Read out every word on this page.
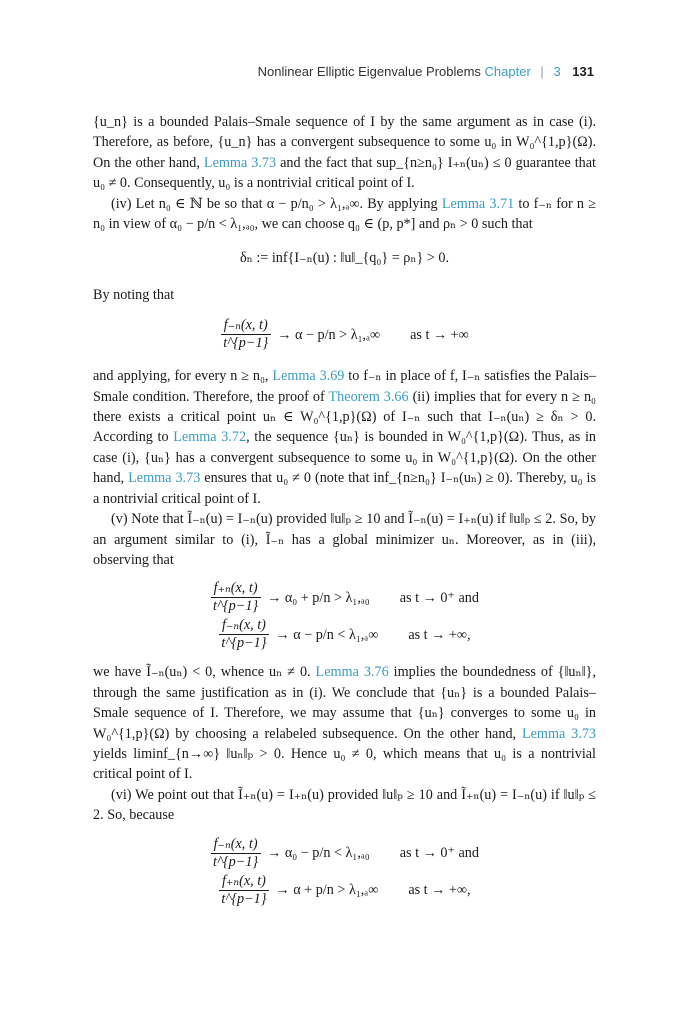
Nonlinear Elliptic Eigenvalue Problems Chapter | 3 131

{u_n} is a bounded Palais–Smale sequence of I by the same argument as in case (i). Therefore, as before, {u_n} has a convergent subsequence to some u₀ in W₀^{1,p}(Ω). On the other hand, Lemma 3.73 and the fact that sup_{n≥n₀} I₊ₙ(uₙ) ≤ 0 guarantee that u₀ ≠ 0. Consequently, u₀ is a nontrivial critical point of I.

(iv) Let n₀ ∈ ℕ be so that α − p/n₀ > λ₁,ₐ∞. By applying Lemma 3.71 to f₋ₙ for n ≥ n₀ in view of α₀ − p/n < λ₁,ₐ₀, we can choose q₀ ∈ (p, p*] and ρₙ > 0 such that

δₙ := inf{I₋ₙ(u) : ‖u‖_{q₀} = ρₙ} > 0.

By noting that

$\frac{\text{f₋ₙ(x, t)}}{t\^{}\{p-1\}} \to \alpha - p/n > \lambda_1,_a\infty$ as t → +∞

and applying, for every n ≥ n₀, Lemma 3.69 to f₋ₙ in place of f, I₋ₙ satisfies the Palais–Smale condition. Therefore, the proof of Theorem 3.66 (ii) implies that for every n ≥ n₀ there exists a critical point uₙ ∈ W₀^{1,p}(Ω) of I₋ₙ such that I₋ₙ(uₙ) ≥ δₙ > 0. According to Lemma 3.72, the sequence {uₙ} is bounded in W₀^{1,p}(Ω). Thus, as in case (i), {uₙ} has a convergent subsequence to some u₀ in W₀^{1,p}(Ω). On the other hand, Lemma 3.73 ensures that u₀ ≠ 0 (note that inf_{n≥n₀} I₋ₙ(uₙ) ≥ 0). Thereby, u₀ is a nontrivial critical point of I.

(v) Note that Ĩ₋ₙ(u) = I₋ₙ(u) provided ‖u‖ₚ ≥ 10 and Ĩ₋ₙ(u) = I₊ₙ(u) if ‖u‖ₚ ≤ 2. So, by an argument similar to (i), Ĩ₋ₙ has a global minimizer uₙ. Moreover, as in (iii), observing that

$\frac{\text{f₊ₙ(x, t)}}{t\^{}\{p-1\}} \to \alpha_0 + p/n > \lambda_1,_{a0}$ as t → 0⁺ and
$\frac{\text{f₋ₙ(x, t)}}{t\^{}\{p-1\}} \to \alpha - p/n < \lambda_1,_a\infty$ as t → +∞,

we have Ĩ₋ₙ(uₙ) < 0, whence uₙ ≠ 0. Lemma 3.76 implies the boundedness of {‖uₙ‖}, through the same justification as in (i). We conclude that {uₙ} is a bounded Palais–Smale sequence of I. Therefore, we may assume that {uₙ} converges to some u₀ in W₀^{1,p}(Ω) by choosing a relabeled subsequence. On the other hand, Lemma 3.73 yields liminf_{n→∞} ‖uₙ‖ₚ > 0. Hence u₀ ≠ 0, which means that u₀ is a nontrivial critical point of I.

(vi) We point out that Ĩ₊ₙ(u) = I₊ₙ(u) provided ‖u‖ₚ ≥ 10 and Ĩ₊ₙ(u) = I₋ₙ(u) if ‖u‖ₚ ≤ 2. So, because

$\frac{\text{f₋ₙ(x, t)}}{t\^{}\{p-1\}} \to \alpha_0 - p/n < \lambda_1,_{a0}$ as t → 0⁺ and
$\frac{\text{f₊ₙ(x, t)}}{t\^{}\{p-1\}} \to \alpha + p/n > \lambda_1,_a\infty$ as t → +∞,
